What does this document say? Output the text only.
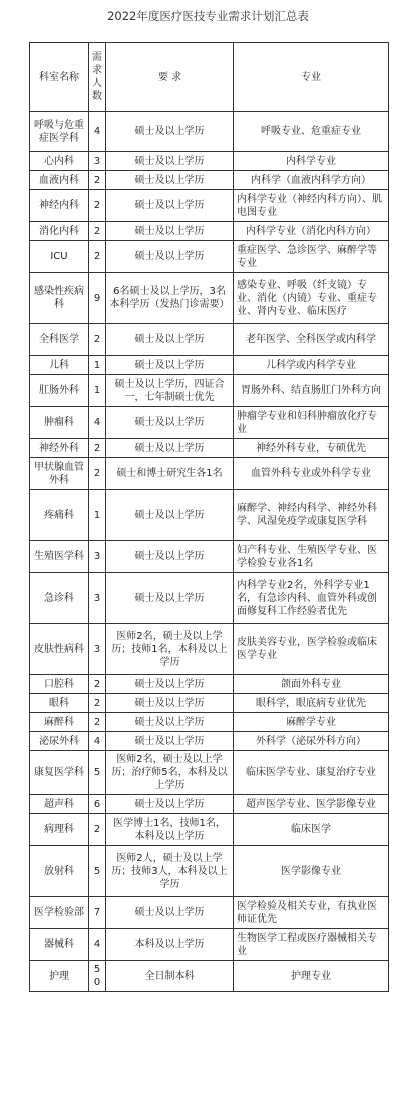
2022年度医疗医技专业需求计划汇总表
科室名称	需求人数	要 求	专业
呼吸与危重症医学科	4	硕士及以上学历	呼吸专业、危重症专业
心内科	3	硕士及以上学历	内科学专业
血液内科	2	硕士及以上学历	内科学（血液内科学方向）
神经内科	2	硕士及以上学历	内科学专业（神经内科方向）、肌电图专业
消化内科	2	硕士及以上学历	内科学专业（消化内科方向）
ICU	2	硕士及以上学历	重症医学、急诊医学、麻醉学等专业
感染性疾病科	9	6名硕士及以上学历，3名本科学历（发热门诊需要）	感染专业、呼吸（纤支镜）专业、消化（内镜）专业、重症专业、肾内专业、临床医疗
全科医学	2	硕士及以上学历	老年医学、全科医学或内科学
儿科	1	硕士及以上学历	儿科学或内科学专业
肛肠外科	1	硕士及以上学历，四证合一，七年制硕士优先	胃肠外科、结直肠肛门外科方向
肿瘤科	4	硕士及以上学历	肿瘤学专业和妇科肿瘤放化疗专业
神经外科	2	硕士及以上学历	神经外科专业，专硕优先
甲状腺血管外科	2	硕士和博士研究生各1名	血管外科专业或外科学专业
疼痛科	1	硕士及以上学历	麻醉学、神经内科学、神经外科学、风湿免疫学或康复医学科
生殖医学科	3	硕士及以上学历	妇产科专业、生殖医学专业、医学检验专业各1名
急诊科	3	硕士及以上学历	内科学专业2名，外科学专业1名，有急诊内科、血管外科或创面修复科工作经验者优先
皮肤性病科	3	医师2名，硕士及以上学历；技师1名，本科及以上学历	皮肤美容专业，医学检验或临床医学专业
口腔科	2	硕士及以上学历	颌面外科专业
眼科	2	硕士及以上学历	眼科学，眼底病专业优先
麻醉科	2	硕士及以上学历	麻醉学专业
泌尿外科	4	硕士及以上学历	外科学（泌尿外科方向）
康复医学科	5	医师2名，硕士及以上学历；治疗师5名，本科及以上学历	临床医学专业、康复治疗专业
超声科	6	硕士及以上学历	超声医学专业、医学影像专业
病理科	2	医学博士1名，技师1名，本科及以上学历	临床医学
放射科	5	医师2人，硕士及以上学历；技师3人，本科及以上学历	医学影像专业
医学检验部	7	硕士及以上学历	医学检验及相关专业，有执业医师证优先
器械科	4	本科及以上学历	生物医学工程或医疗器械相关专业
护理	50	全日制本科	护理专业
